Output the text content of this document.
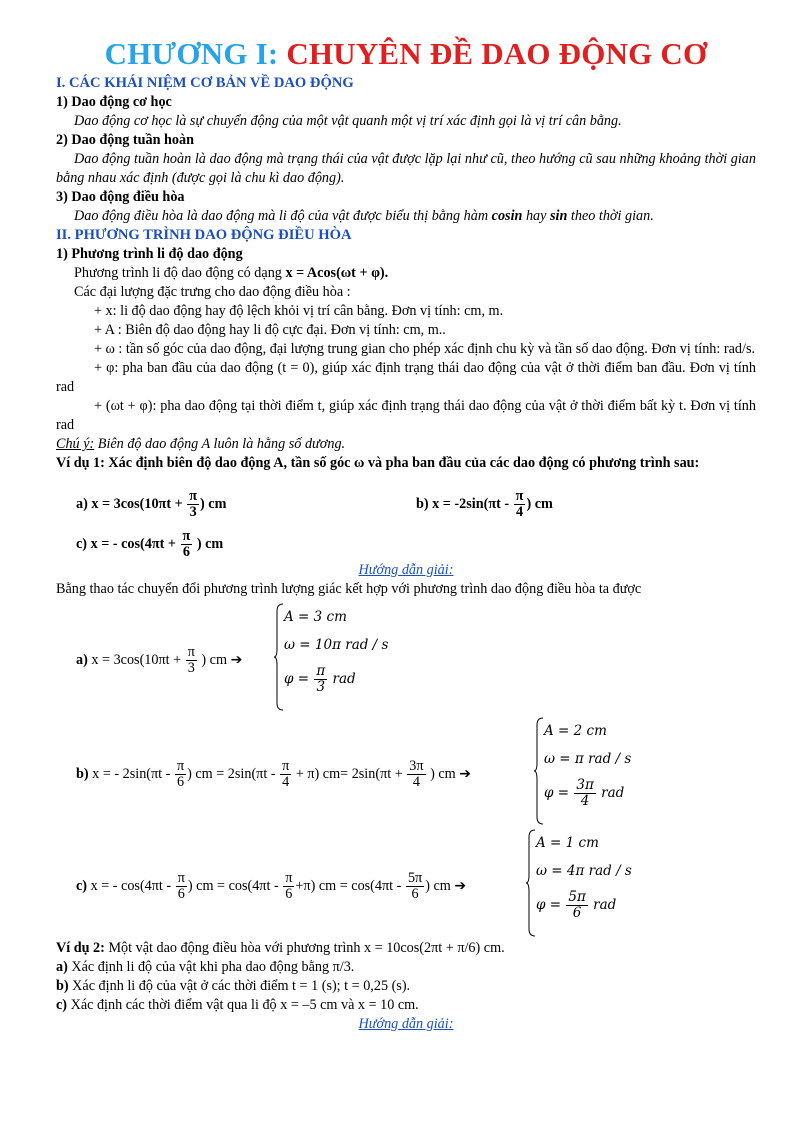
CHƯƠNG I: CHUYÊN ĐỀ DAO ĐỘNG CƠ

I. CÁC KHÁI NIỆM CƠ BẢN VỀ DAO ĐỘNG

1) Dao động cơ học

Dao động cơ học là sự chuyển động của một vật quanh một vị trí xác định gọi là vị trí cân bằng.

2) Dao động tuần hoàn

Dao động tuần hoàn là dao động mà trạng thái của vật được lặp lại như cũ, theo hướng cũ sau những khoảng thời gian bằng nhau xác định (được gọi là chu kì dao động).

3) Dao động điều hòa

Dao động điều hòa là dao động mà li độ của vật được biểu thị bằng hàm cosin hay sin theo thời gian.

II. PHƯƠNG TRÌNH DAO ĐỘNG ĐIỀU HÒA

1) Phương trình li độ dao động

Phương trình li độ dao động có dạng x = Acos(ωt + φ).

Các đại lượng đặc trưng cho dao động điều hòa :

+ x: li độ dao động hay độ lệch khỏi vị trí cân bằng. Đơn vị tính: cm, m.

+ A : Biên độ dao động hay li độ cực đại. Đơn vị tính: cm, m..

+ ω : tần số góc của dao động, đại lượng trung gian cho phép xác định chu kỳ và tần số dao động. Đơn vị tính: rad/s.

+ φ: pha ban đầu của dao động (t = 0), giúp xác định trạng thái dao động của vật ở thời điểm ban đầu. Đơn vị tính rad

+ (ωt + φ): pha dao động tại thời điểm t, giúp xác định trạng thái dao động của vật ở thời điểm bất kỳ t. Đơn vị tính rad

Chú ý: Biên độ dao động A luôn là hằng số dương.

Ví dụ 1: Xác định biên độ dao động A, tần số góc ω và pha ban đầu của các dao động có phương trình sau:

a) $x = 3\cos(10\pi t + \frac{\pi}{3}$ ) cm	b) $x = -2\sin(\pi t - \frac{\pi}{4}$ ) cm
c) x = - $\cos(4\pi t + \frac{\pi}{6}$ ) cm

Hướng dẫn giải:

Bằng thao tác chuyển đổi phương trình lượng giác kết hợp với phương trình dao động điều hòa ta được

a) $x = 3\cos(10\pi t + \frac{\pi}{3}$ ) cm ➔
A = 3 cm
ω = 10π rad / s
$\varphi = \frac{\pi}{3}$ rad
b) x = - $2\sin(\pi t - \frac{\pi}{6}$ ) cm = $2\sin(\pi t - \frac{\pi}{4} + \pi)$ $cm= 2\sin(\pi t + \frac{3\pi}{4}$ ) cm ➔
A = 2 cm
ω = π rad / s
$\varphi = \frac{3\pi}{4}$ rad
c) x = - $\cos(4\pi t - \frac{\pi}{6}$ ) cm = $\cos(4\pi t - \frac{\pi}{6} +\pi)$ cm = $\cos(4\pi t - \frac{5\pi}{6}$ ) cm ➔
A = 1 cm
ω = 4π rad / s
$\varphi = \frac{5\pi}{6}$ rad

Ví dụ 2: Một vật dao động điều hòa với phương trình x = 10cos(2πt + π/6) cm.

a) Xác định li độ của vật khi pha dao động bằng π/3.

b) Xác định li độ của vật ở các thời điểm t = 1 (s); t = 0,25 (s).

c) Xác định các thời điểm vật qua li độ x = –5 cm và x = 10 cm.

Hướng dẫn giải:
